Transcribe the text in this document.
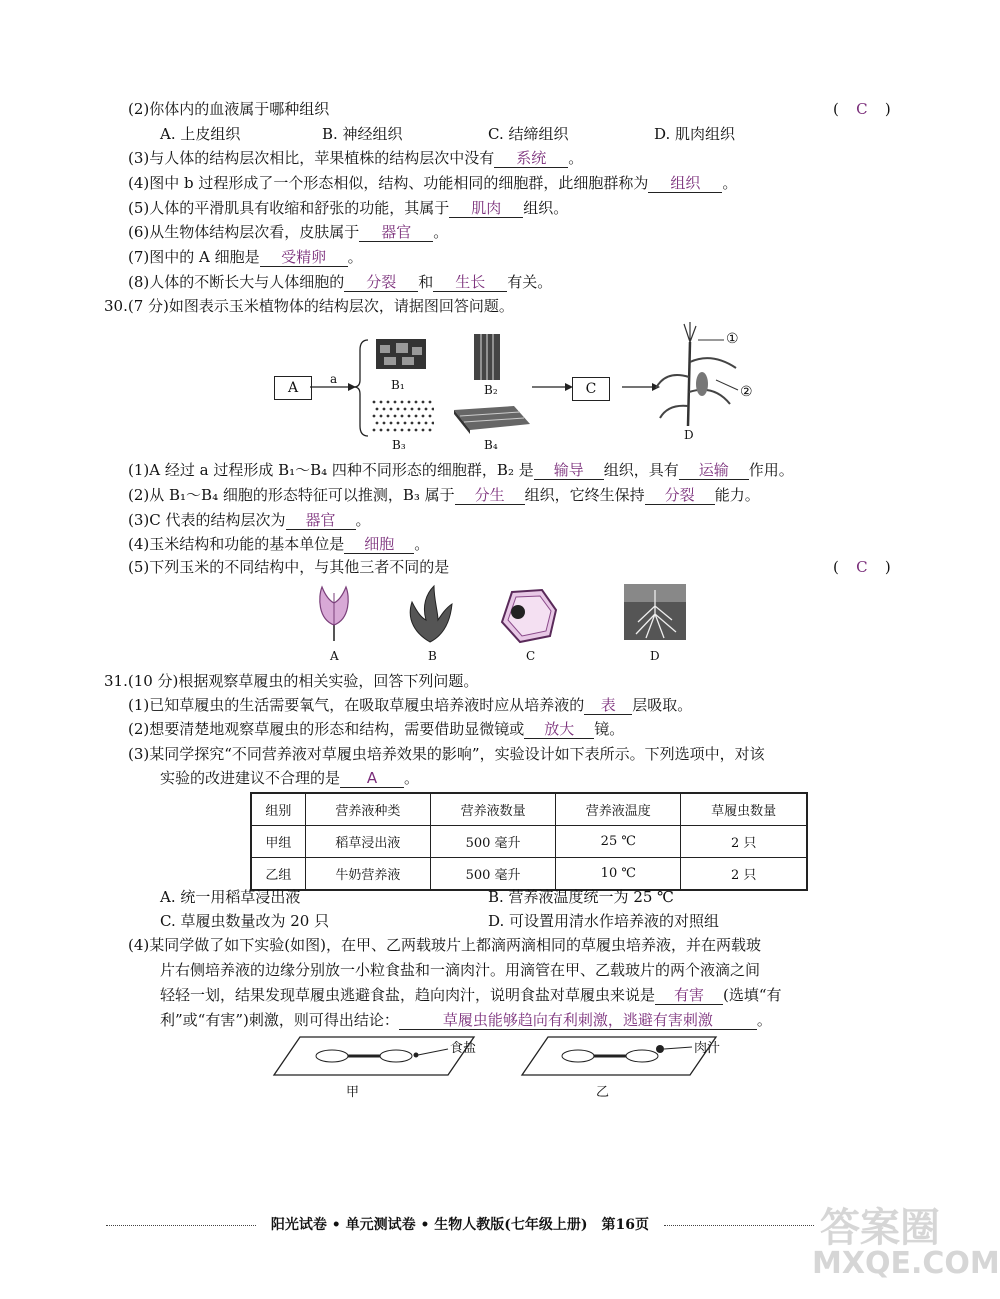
(2)你体内的血液属于哪种组织	( C )
A. 上皮组织	B. 神经组织	C. 结缔组织	D. 肌肉组织
(3)与人体的结构层次相比，苹果植株的结构层次中没有 系统 。
(4)图中 b 过程形成了一个形态相似，结构、功能相同的细胞群，此细胞群称为 组织 。
(5)人体的平滑肌具有收缩和舒张的功能，其属于 肌肉 组织。
(6)从生物体结构层次看，皮肤属于 器官 。
(7)图中的 A 细胞是 受精卵 。
(8)人体的不断长大与人体细胞的 分裂 和 生长 有关。
30.(7 分)如图表示玉米植物体的结构层次，请据图回答问题。
A
a	B₁	B₂
B₃	B₄
C
①
②
D
(1)A 经过 a 过程形成 B₁～B₄ 四种不同形态的细胞群，B₂ 是 输导 组织，具有 运输 作用。
(2)从 B₁～B₄ 细胞的形态特征可以推测，B₃ 属于 分生 组织，它终生保持 分裂 能力。
(3)C 代表的结构层次为 器官 。
(4)玉米结构和功能的基本单位是 细胞 。
(5)下列玉米的不同结构中，与其他三者不同的是	( C )
A	B	C	D
31.(10 分)根据观察草履虫的相关实验，回答下列问题。
(1)已知草履虫的生活需要氧气，在吸取草履虫培养液时应从培养液的 表 层吸取。
(2)想要清楚地观察草履虫的形态和结构，需要借助显微镜或 放大 镜。
(3)某同学探究“不同营养液对草履虫培养效果的影响”，实验设计如下表所示。下列选项中，对该
实验的改进建议不合理的是 A 。
组别	营养液种类	营养液数量	营养液温度	草履虫数量
甲组	稻草浸出液	500 毫升	25 ℃	2 只
乙组	牛奶营养液	500 毫升	10 ℃	2 只
A. 统一用稻草浸出液	B. 营养液温度统一为 25 ℃
C. 草履虫数量改为 20 只	D. 可设置用清水作培养液的对照组
(4)某同学做了如下实验(如图)，在甲、乙两载玻片上都滴两滴相同的草履虫培养液，并在两载玻
片右侧培养液的边缘分别放一小粒食盐和一滴肉汁。用滴管在甲、乙载玻片的两个液滴之间
轻轻一划，结果发现草履虫逃避食盐，趋向肉汁，说明食盐对草履虫来说是 有害 (选填“有
利”或“有害”)刺激，则可得出结论：	草履虫能够趋向有利刺激，逃避有害刺激	。
食盐
甲
肉汁
乙
阳光试卷 • 单元测试卷 • 生物人教版(七年级上册)　第16页	答案圈
MXQE.COM
